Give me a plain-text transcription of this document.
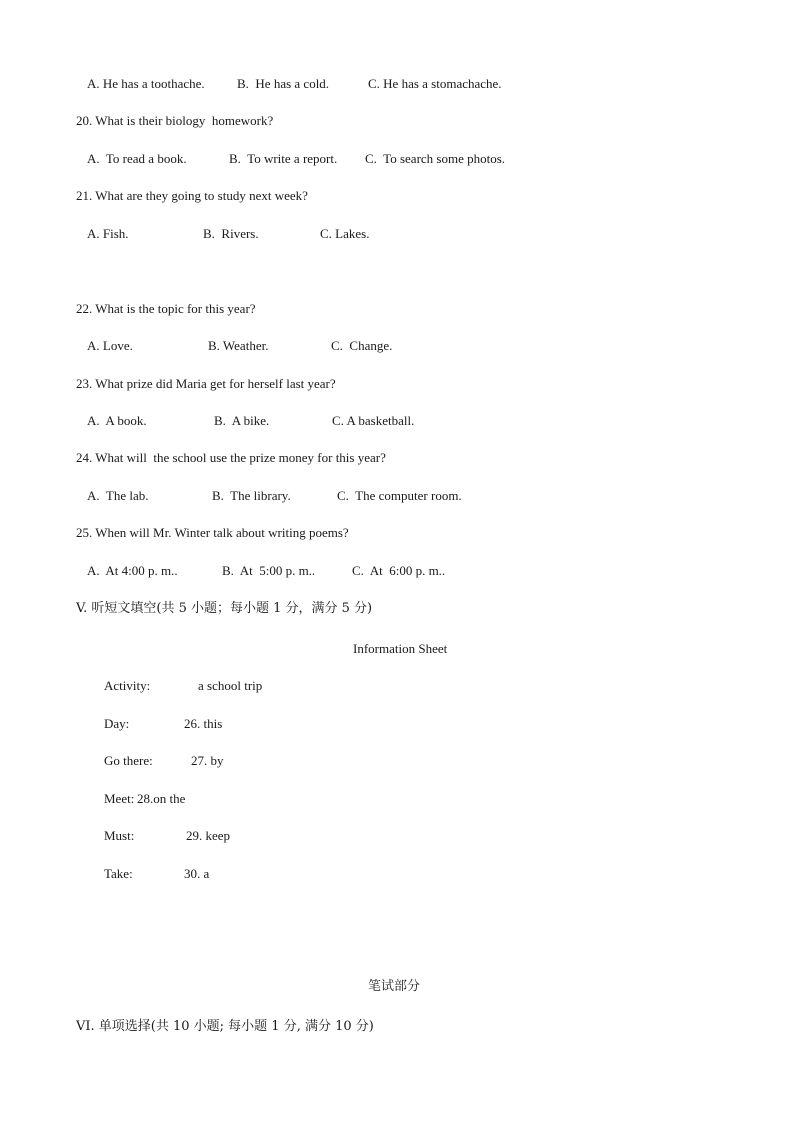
A. He has a toothache. B.  He has a cold.	C. He has a stomachache.
20. What is their biology  homework?
A.  To read a book.	B.  To write a report. C.  To search some photos.
21. What are they going to study next week?
A. Fish.	B.  Rivers.	C. Lakes.
22. What is the topic for this year?
A. Love.	B. Weather.	C.  Change.
23. What prize did Maria get for herself last year?
A.  A book.	B.  A bike.	C. A basketball.
24. What will  the school use the prize money for this year?
A.  The lab.	B.  The library.	C.  The computer room.
25. When will Mr. Winter talk about writing poems?
A.  At 4:00 p. m..	B.  At  5:00 p. m..	C.  At  6:00 p. m..
V. 听短文填空(共 5 小题；每小题 1 分，满分 5 分)
Information Sheet
Activity:	a school trip
Day:	26. this
Go there:	27. by
Meet: 28.on the
Must:	29. keep
Take:	30. a
笔试部分
VI. 单项选择(共 10 小题; 每小题 1 分, 满分 10 分)
